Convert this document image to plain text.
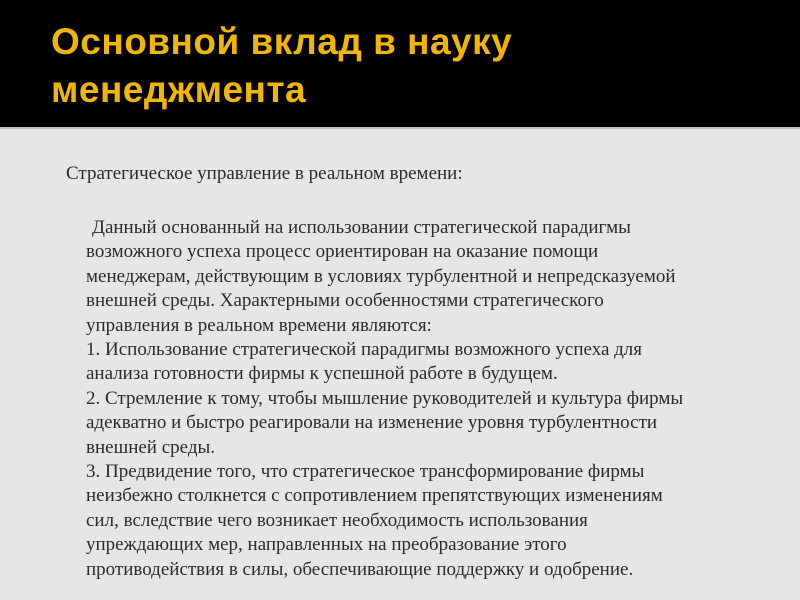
Основной вклад в науку
менеджмента

Стратегическое управление в реальном времени:

Данный основанный на использовании стратегической парадигмы
возможного успеха процесс ориентирован на оказание помощи
менеджерам, действующим в условиях турбулентной и непредсказуемой
внешней среды. Характерными особенностями стратегического
управления в реальном времени являются:
1. Использование стратегической парадигмы возможного успеха для
анализа готовности фирмы к успешной работе в будущем.
2. Стремление к тому, чтобы мышление руководителей и культура фирмы
адекватно и быстро реагировали на изменение уровня турбулентности
внешней среды.
3. Предвидение того, что стратегическое трансформирование фирмы
неизбежно столкнется с сопротивлением препятствующих изменениям
сил, вследствие чего возникает необходимость использования
упреждающих мер, направленных на преобразование этого
противодействия в силы, обеспечивающие поддержку и одобрение.
